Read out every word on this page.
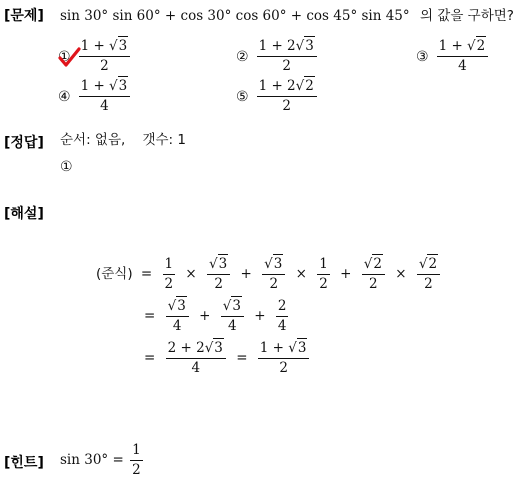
[문제] sin 30° sin 60° + cos 30° cos 60° + cos 45° sin 45° 의 값을 구하면?
① $\frac{1 + √3}{2}$	② $\frac{1 + 2√3}{2}$	③ $\frac{1 + √2}{4}$
④ $\frac{1 + √3}{4}$	⑤ $\frac{1 + 2√2}{2}$
[정답] 순서: 없음,    갯수: 1
①
[해설]
(준식) = $\frac{1}{2} \times \frac{√3}{2} + \frac{√3}{2} \times \frac{1}{2} + \frac{√2}{2} \times \frac{√2}{2}$
= $\frac{√3}{4} + \frac{√3}{4} + \frac{2}{4}$
= $\frac{2 + 2√3}{4} = \frac{1 + √3}{2}$
[힌트] $\sin 30^\circ = \frac{1}{2}$
